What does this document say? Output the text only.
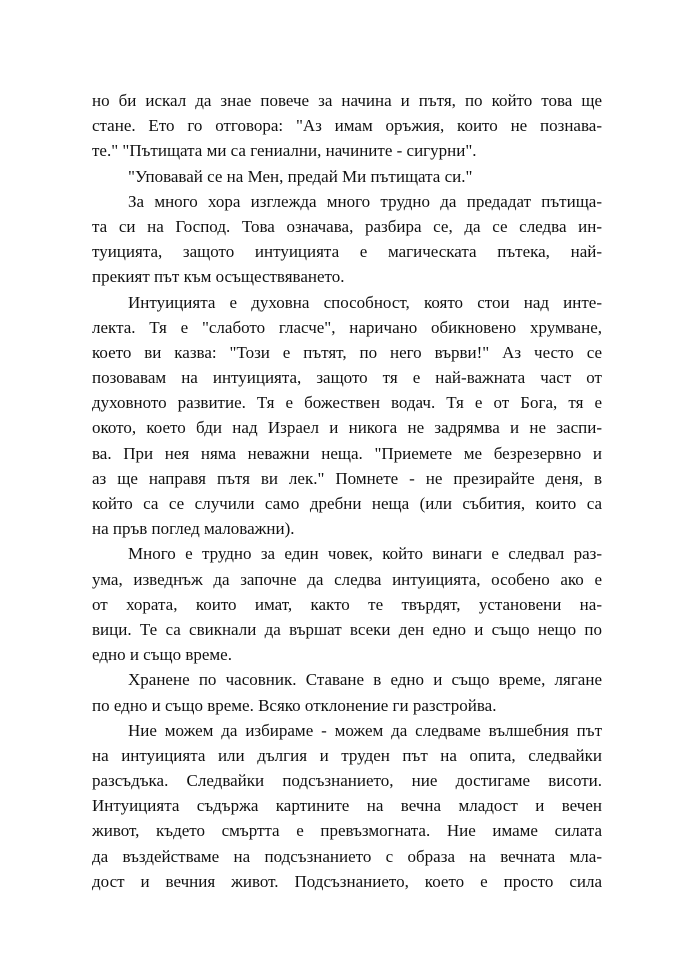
но би искал да знае повече за начина и пътя, по който това ще
стане. Ето го отговора: "Аз имам оръжия, които не познава-
те." "Пътищата ми са гениални, начините - сигурни".
"Уповавай се на Мен, предай Ми пътищата си."
За много хора изглежда много трудно да предадат пътища-
та си на Господ. Това означава, разбира се, да се следва ин-
туицията, защото интуицията е магическата пътека, най-
прекият път към осъществяването.
Интуицията е духовна способност, която стои над инте-
лекта. Тя е "слабото гласче", наричано обикновено хрумване,
което ви казва: "Този е пътят, по него върви!" Аз често се
позовавам на интуицията, защото тя е най-важната част от
духовното развитие. Тя е божествен водач. Тя е от Бога, тя е
окото, което бди над Израел и никога не задрямва и не заспи-
ва. При нея няма неважни неща. "Приемете ме безрезервно и
аз ще направя пътя ви лек." Помнете - не презирайте деня, в
който са се случили само дребни неща (или събития, които са
на пръв поглед маловажни).
Много е трудно за един човек, който винаги е следвал раз-
ума, изведнъж да започне да следва интуицията, особено ако е
от хората, които имат, както те твърдят, установени на-
вици. Те са свикнали да вършат всеки ден едно и също нещо по
едно и също време.
Хранене по часовник. Ставане в едно и също време, лягане
по едно и също време. Всяко отклонение ги разстройва.
Ние можем да избираме - можем да следваме вълшебния път
на интуицията или дългия и труден път на опита, следвайки
разсъдъка. Следвайки подсъзнанието, ние достигаме висоти.
Интуицията съдържа картините на вечна младост и вечен
живот, където смъртта е превъзмогната. Ние имаме силата
да въздействаме на подсъзнанието с образа на вечната мла-
дост и вечния живот. Подсъзнанието, което е просто сила
